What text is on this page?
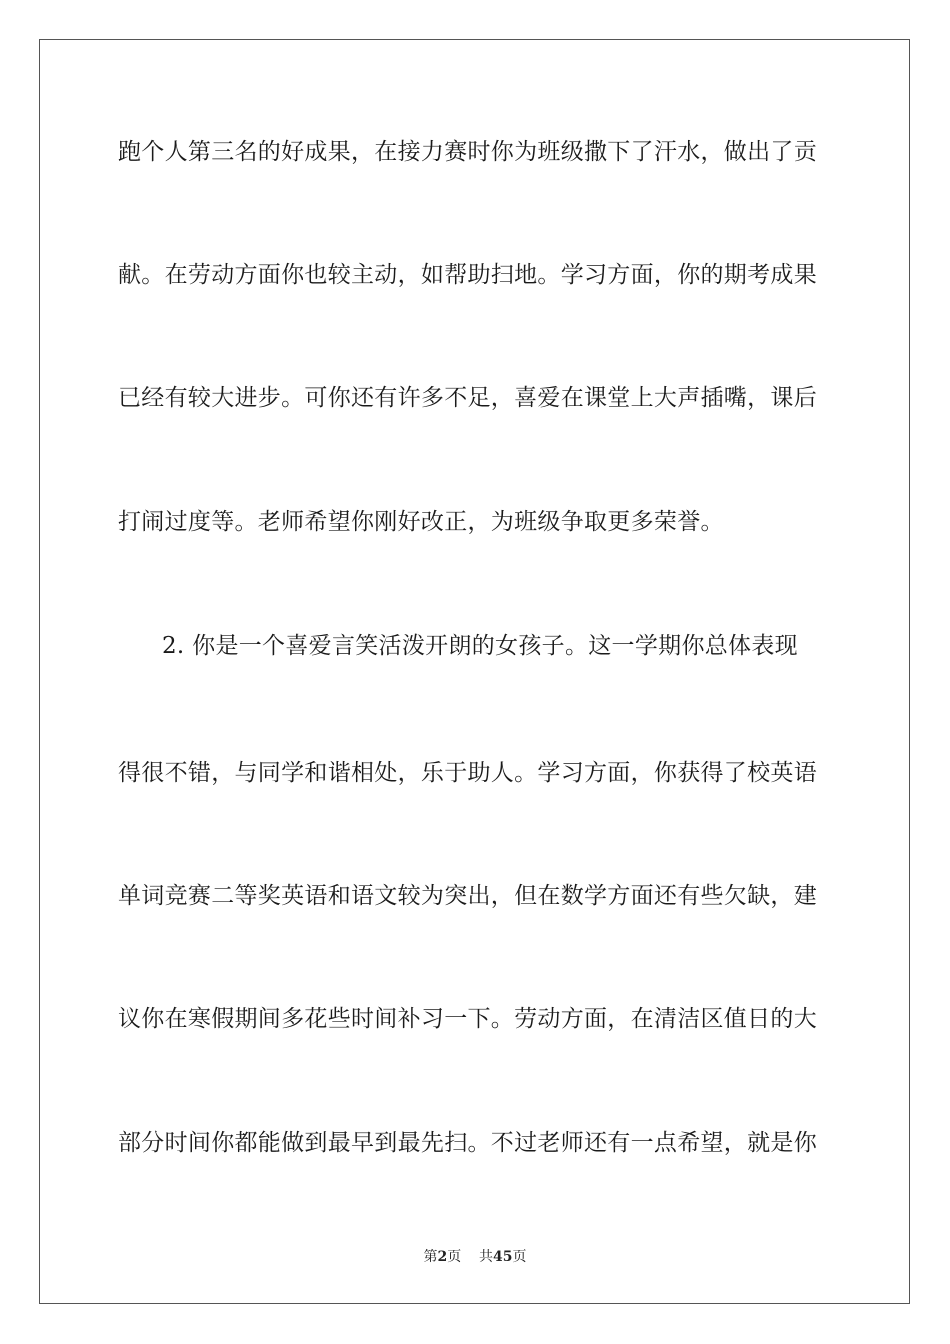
跑个人第三名的好成果，在接力赛时你为班级撒下了汗水，做出了贡
献。在劳动方面你也较主动，如帮助扫地。学习方面，你的期考成果
已经有较大进步。可你还有许多不足，喜爱在课堂上大声插嘴，课后
打闹过度等。老师希望你刚好改正，为班级争取更多荣誉。
2. 你是一个喜爱言笑活泼开朗的女孩子。这一学期你总体表现
得很不错，与同学和谐相处，乐于助人。学习方面，你获得了校英语
单词竞赛二等奖英语和语文较为突出，但在数学方面还有些欠缺，建
议你在寒假期间多花些时间补习一下。劳动方面，在清洁区值日的大
部分时间你都能做到最早到最先扫。不过老师还有一点希望，就是你
第2页 共45页
